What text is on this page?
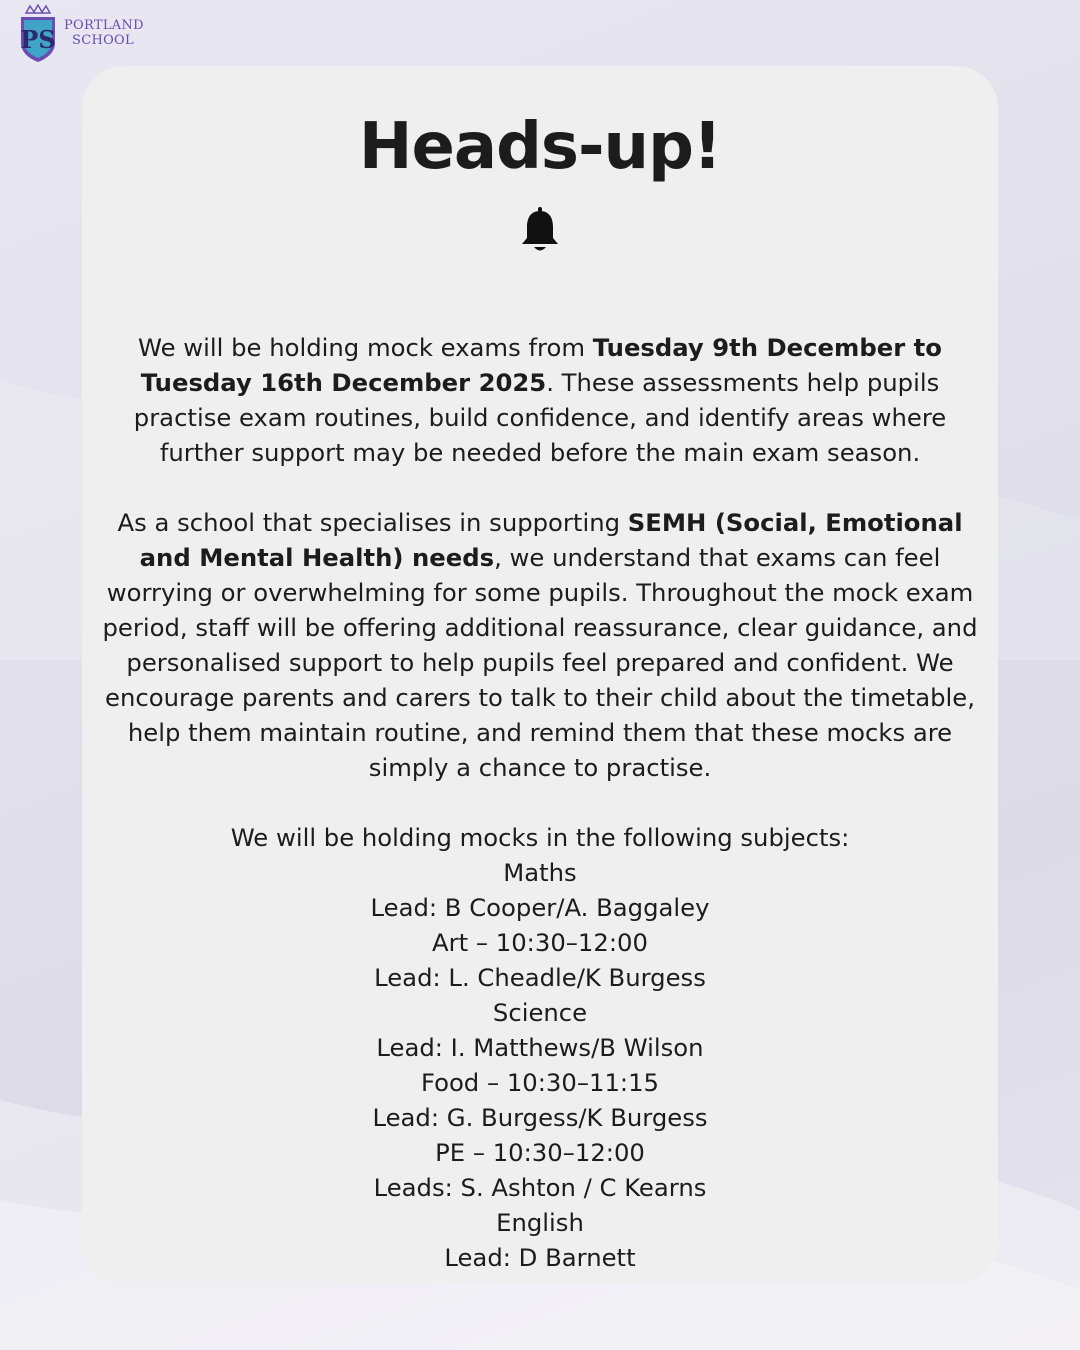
PS PORTLAND
SCHOOL
Heads-up!

We will be holding mock exams from Tuesday 9th December to Tuesday 16th December 2025. These assessments help pupils practise exam routines, build confidence, and identify areas where further support may be needed before the main exam season.

As a school that specialises in supporting SEMH (Social, Emotional and Mental Health) needs, we understand that exams can feel worrying or overwhelming for some pupils. Throughout the mock exam period, staff will be offering additional reassurance, clear guidance, and personalised support to help pupils feel prepared and confident. We encourage parents and carers to talk to their child about the timetable, help them maintain routine, and remind them that these mocks are simply a chance to practise.

We will be holding mocks in the following subjects:
Maths
Lead: B Cooper/A. Baggaley
Art – 10:30–12:00
Lead: L. Cheadle/K Burgess
Science
Lead: I. Matthews/B Wilson
Food – 10:30–11:15
Lead: G. Burgess/K Burgess
PE – 10:30–12:00
Leads: S. Ashton / C Kearns
English
Lead: D Barnett
